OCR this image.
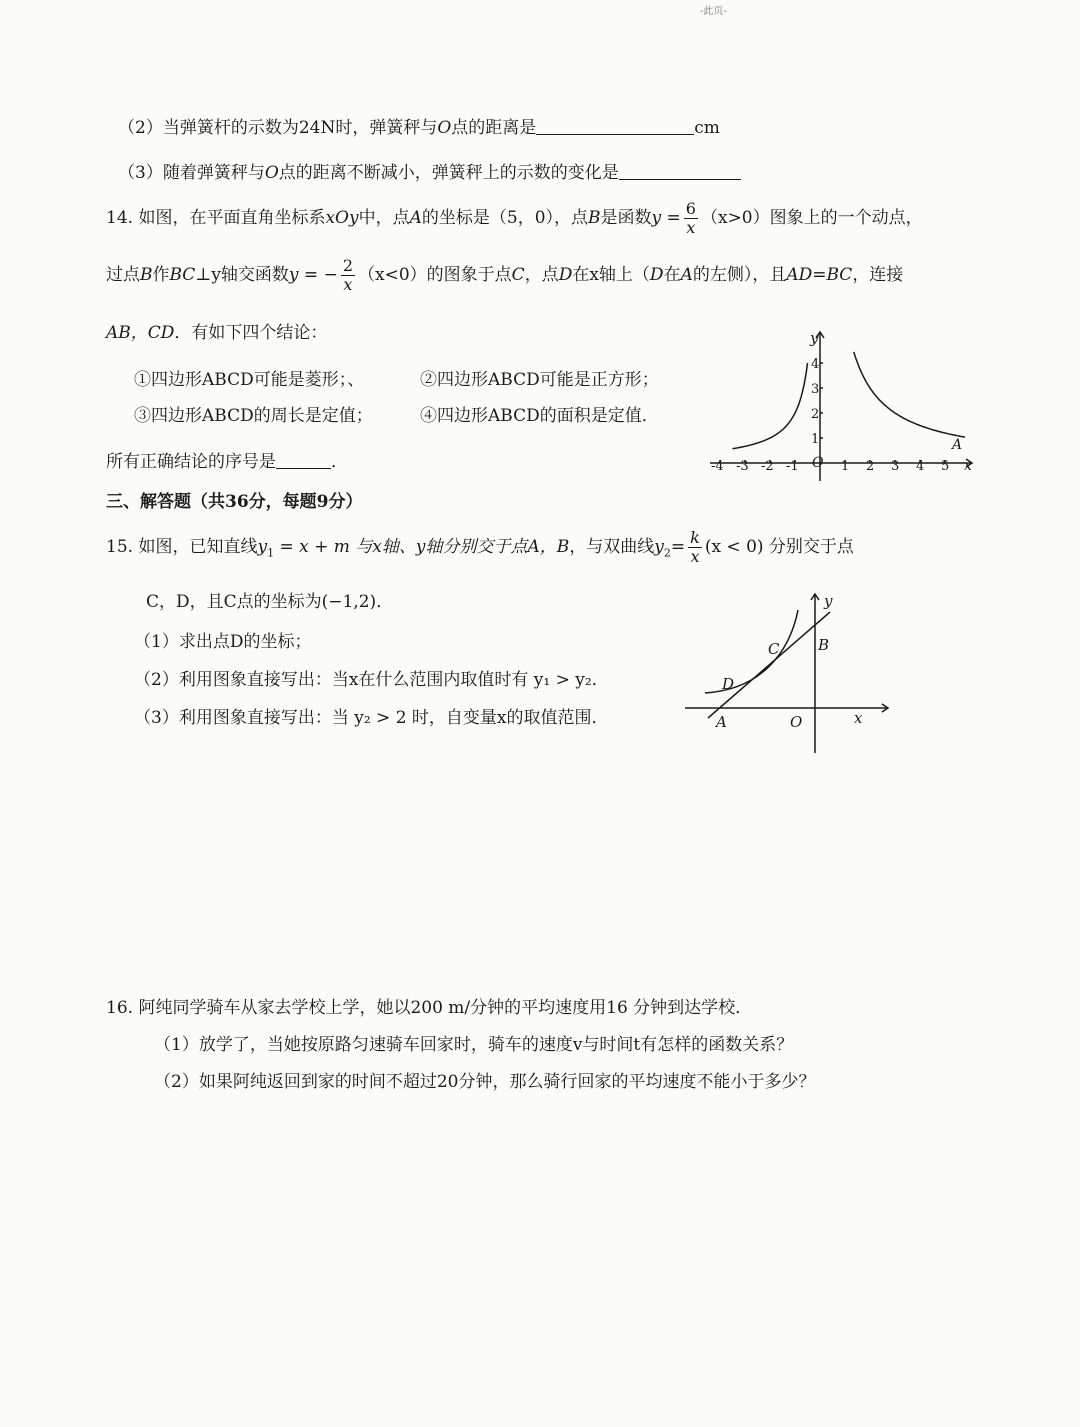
-此页-
（2）当弹簧杆的示数为24N时，弹簧秤与O点的距离是	cm
（3）随着弹簧秤与O点的距离不断减小，弹簧秤上的示数的变化是
14. 如图，在平面直角坐标系xOy中，点A的坐标是（5，0），点B是函数$y = \frac{6}{x} (x>0)$图象上的一个动点，
过点B作BC⊥y轴交函数y = − $\frac{2}{x} (x<0)$的图象于点C，点D在x轴上（D在A的左侧），且AD=BC，连接
AB，CD．有如下四个结论：
①四边形ABCD可能是菱形；、	②四边形ABCD可能是正方形；
③四边形ABCD的周长是定值；	④四边形ABCD的面积是定值．
所有正确结论的序号是	．
y
x
O
A
-4 -3 -2 -1	1 2 3 4 5
1
2
3
4
三、解答题（共36分，每题9分）
15. 如图，已知直线$y_1 = x + m$ 与x轴、y轴分别交于点A，B，与双曲线$y_2= \frac{k}{x} (x < 0)$ 分别交于点
C，D，且C点的坐标为(−1,2)．
（1）求出点D的坐标；
（2）利用图象直接写出：当x在什么范围内取值时有 y₁ > y₂．
（3）利用图象直接写出：当 y₂ > 2 时，自变量x的取值范围．
y
x
O
C	B
D
A
16. 阿纯同学骑车从家去学校上学，她以200 m/分钟的平均速度用16 分钟到达学校．
（1）放学了，当她按原路匀速骑车回家时，骑车的速度v与时间t有怎样的函数关系？
（2）如果阿纯返回到家的时间不超过20分钟，那么骑行回家的平均速度不能小于多少？
